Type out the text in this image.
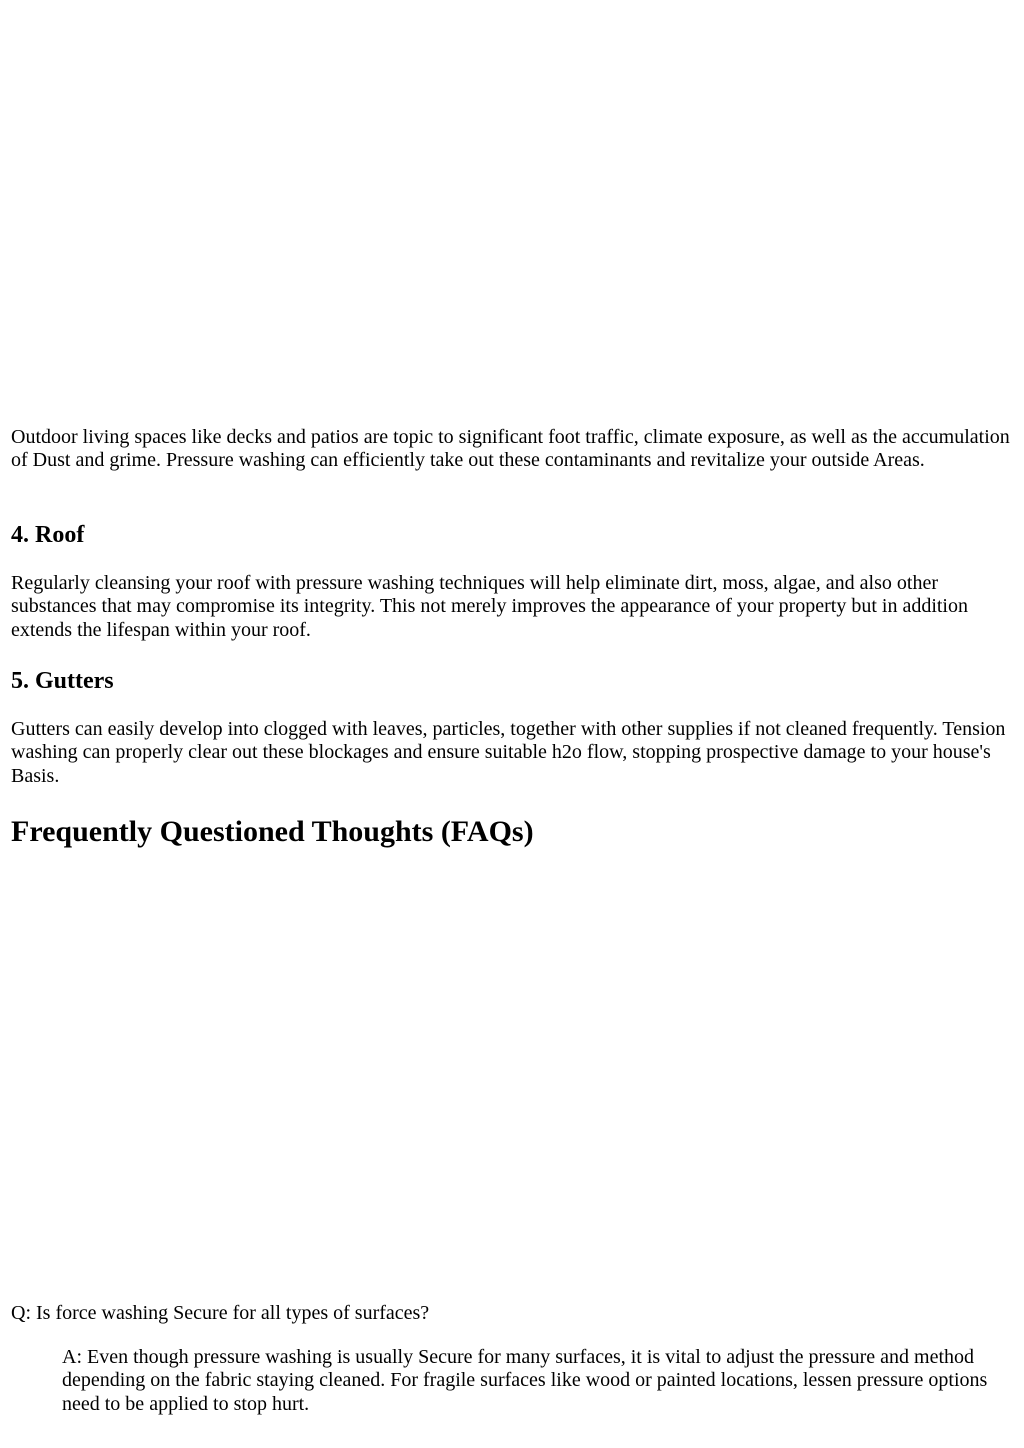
Outdoor living spaces like decks and patios are topic to significant foot traffic, climate exposure, as well as the accumulation of Dust and grime. Pressure washing can efficiently take out these contaminants and revitalize your outside Areas.

4. Roof

Regularly cleansing your roof with pressure washing techniques will help eliminate dirt, moss, algae, and also other substances that may compromise its integrity. This not merely improves the appearance of your property but in addition extends the lifespan within your roof.

5. Gutters

Gutters can easily develop into clogged with leaves, particles, together with other supplies if not cleaned frequently. Tension washing can properly clear out these blockages and ensure suitable h2o flow, stopping prospective damage to your house's Basis.

Frequently Questioned Thoughts (FAQs)

Q: Is force washing Secure for all types of surfaces?

A: Even though pressure washing is usually Secure for many surfaces, it is vital to adjust the pressure and method depending on the fabric staying cleaned. For fragile surfaces like wood or painted locations, lessen pressure options need to be applied to stop hurt.
